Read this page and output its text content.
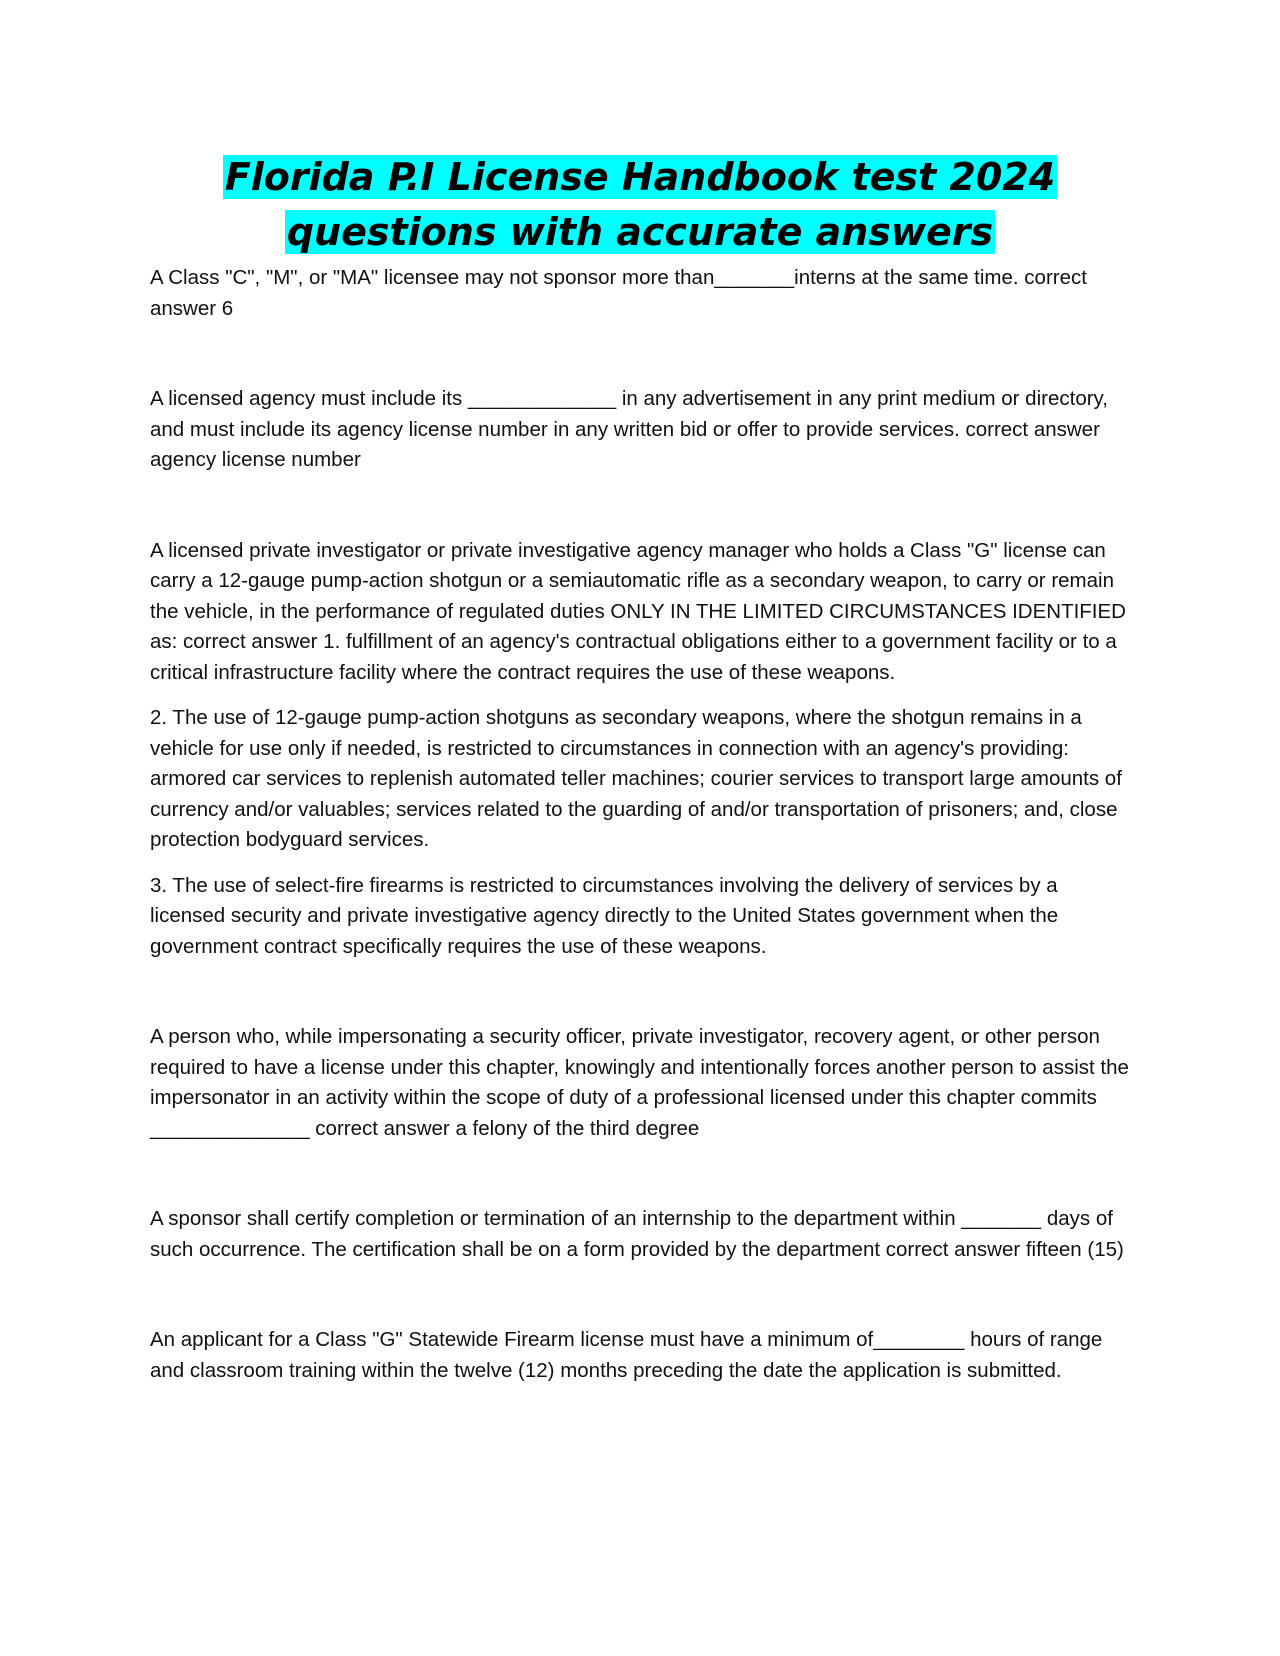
Florida P.I License Handbook test 2024 questions with accurate answers

A Class "C", "M", or "MA" licensee may not sponsor more than_______interns at the same time. correct answer 6

A licensed agency must include its _____________ in any advertisement in any print medium or directory, and must include its agency license number in any written bid or offer to provide services. correct answer agency license number

A licensed private investigator or private investigative agency manager who holds a Class "G" license can carry a 12-gauge pump-action shotgun or a semiautomatic rifle as a secondary weapon, to carry or remain the vehicle, in the performance of regulated duties ONLY IN THE LIMITED CIRCUMSTANCES IDENTIFIED as: correct answer 1. fulfillment of an agency's contractual obligations either to a government facility or to a critical infrastructure facility where the contract requires the use of these weapons.

2. The use of 12-gauge pump-action shotguns as secondary weapons, where the shotgun remains in a vehicle for use only if needed, is restricted to circumstances in connection with an agency's providing: armored car services to replenish automated teller machines; courier services to transport large amounts of currency and/or valuables; services related to the guarding of and/or transportation of prisoners; and, close protection bodyguard services.

3. The use of select-fire firearms is restricted to circumstances involving the delivery of services by a licensed security and private investigative agency directly to the United States government when the government contract specifically requires the use of these weapons.

A person who, while impersonating a security officer, private investigator, recovery agent, or other person required to have a license under this chapter, knowingly and intentionally forces another person to assist the impersonator in an activity within the scope of duty of a professional licensed under this chapter commits ______________ correct answer a felony of the third degree

A sponsor shall certify completion or termination of an internship to the department within _______ days of such occurrence. The certification shall be on a form provided by the department correct answer fifteen (15)

An applicant for a Class "G" Statewide Firearm license must have a minimum of________ hours of range and classroom training within the twelve (12) months preceding the date the application is submitted.
